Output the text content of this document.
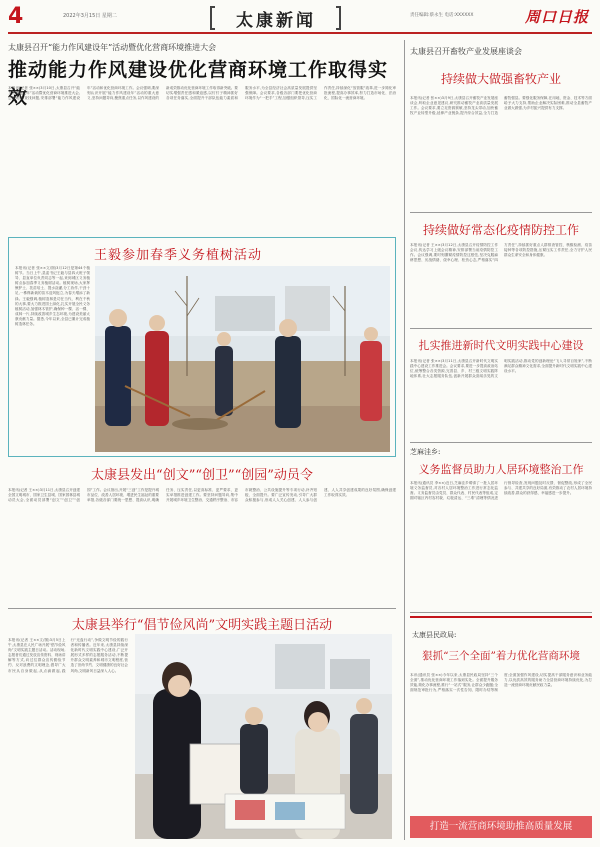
4	2022年3月15日 星期二	太康新闻	责任编辑:蔡永生 电话:XXXXXX	周口日报
太康县召开“能力作风建设年”活动暨优化营商环境推进大会
推动能力作风建设优化营商环境工作取得实效
本报讯(记者 张××)3月10日,太康县召开“能力作风建设年”活动暨优化营商环境推进大会,总结成绩,查找问题,安排部署“能力作风建设年”活动和优化营商环境工作。会议强调,要深刻认识开展“能力作风建设年”活动的重大意义,坚持问题导向,聚焦重点任务,以作风建设的新成效推动优化营商环境工作取得新突破。要切实增强责任感和紧迫感,以钉钉子精神抓好各项任务落实,全面提升干部队伍能力素质和服务水平,为全县经济社会高质量发展提供坚强保障。会议要求,各级各部门要把优化营商环境作为“一把手”工程,加强组织领导,压实工作责任,持续深化“放管服”改革,进一步简化审批流程,提高办事效率,努力打造市场化、法治化、国际化一流营商环境。
王毅参加春季义务植树活动
本报讯(记者 张××文/图)3月12日是第44个植树节。当日上午,县委书记王毅与县四大班子领导、县直单位负责同志等一起,来到城区义务植树点参加春季义务植树活动。植树现场,大家挥锹铲土、扶苗培土、提水浇灌,分工协作,干劲十足,一株株新栽的苗木迎风挺立,为春天增添了新绿。王毅强调,植树造林是功在当代、利在千秋的大事,要大力推进国土绿化,扎实开展全民义务植树活动,加强林木管护,确保种一棵、活一棵、成林一片,持续改善城乡生态环境,为建设美丽太康贡献力量。据悉,今年以来,全县已累计完成植树造林任务。
太康县发出“创文”“创卫”“创园”动员令
本报讯(记者 王××)3月11日,太康县召开创建全国文明城市、国家卫生县城、国家园林县城动员大会,全面动员部署“创文”“创卫”“创园”工作。会议指出,开展“三创”工作是提升城市品位、改善人居环境、增进民生福祉的重要举措,各级各部门要统一思想、提高认识,明确任务、压实责任,以更高标准、更严要求、更实举措推进创建工作。要坚持问题导向,集中开展城乡环境卫生整治、交通秩序整治、市容市貌整治、公共设施提升等专项行动,补齐短板、全面提升。要广泛宣传发动,引导广大群众积极参与,形成人人关心创建、人人参与创建、人人共享创建成果的良好氛围,确保创建工作取得实效。
太康县举行“倡节俭风尚”文明实践主题日活动
本报讯(记者 王××文/图)3月5日上午,太康县在人民广场开展“倡节俭风尚”文明实践主题日活动。活动现场,志愿者们通过发放宣传资料、现场讲解等方式,向过往群众宣传勤俭节约、反对浪费的文明理念,倡导广大市民从自身做起,从点滴做起,践行“光盘行动”,争做文明节俭的践行者和传播者。近年来,太康县持续深化新时代文明实践中心建设,广泛开展形式多样的志愿服务活动,不断提升群众文明素养和城市文明程度,营造了崇尚节约、文明健康的良好社会风尚,文明新风日益深入人心。
太康县召开畜牧产业发展座谈会
持续做大做强畜牧产业
本报讯(记者 张××)3月9日,太康县召开畜牧产业发展座谈会,听取企业意见建议,研究推动畜牧产业高质量发展工作。会议要求,要立足资源禀赋,坚持龙头带动,加快畜牧产业转型升级,延伸产业链条,提升综合效益,全力打造畜牧强县。要强化服务保障,在用地、资金、技术等方面给予大力支持,帮助企业解决实际困难,推动全县畜牧产业做大做强,为乡村振兴提供有力支撑。
持续做好常态化疫情防控工作
本报讯(记者 王××)3月12日,太康县召开疫情防控工作会议,传达学习上级会议精神,安排部署当前疫情防控工作。会议强调,要时刻绷紧疫情防控这根弦,坚决克服麻痹思想、厌战情绪、侥幸心理、松劲心态,严格落实“四方责任”,持续抓好重点人群排查管控、核酸检测、疫苗接种等各项防控措施,压紧压实工作责任,全力守护人民群众生命安全和身体健康。
扎实推进新时代文明实践中心建设
本报讯(记者 张××)3月11日,太康县召开新时代文明实践中心建设工作推进会。会议要求,要进一步提高政治站位,统筹整合各类资源,完善县、乡、村三级文明实践阵地体系,壮大志愿服务队伍,创新开展群众喜闻乐见的文明实践活动,推动党的创新理论“飞入寻常百姓家”,不断满足群众精神文化需求,全面提升新时代文明实践中心建设水平。
芝麻洼乡:
义务监督员助力人居环境整治工作
本报讯(通讯员 李××)近日,芝麻洼乡聘请了一批人居环境义务监督员,对各村人居环境整治工作进行常态化监督。义务监督员由党员、群众代表、村民代表等组成,定期对辖区内村容村貌、垃圾清运、“三堆”清理等情况进行督导检查,发现问题及时反馈、督促整改,形成了全民参与、共建共享的良好局面,有效推动了农村人居环境持续改善,群众的获得感、幸福感进一步提升。
太康县民政局:
狠抓“三个全面”着力优化营商环境
本讯(通讯员 张××)今年以来,太康县民政局坚持“三个全面”,推动优化营商环境工作落到实处。全面提升服务效能,简化办事流程,推行“一站式”服务,让群众少跑腿;全面规范审批行为,严格落实一次性告知、限时办结等制度;全面加强作风建设,切实提高干部服务意识和业务能力,以优质高效的服务助力全县营商环境持续优化,为打造一流营商环境贡献民政力量。
打造一流营商环境助推高质量发展
